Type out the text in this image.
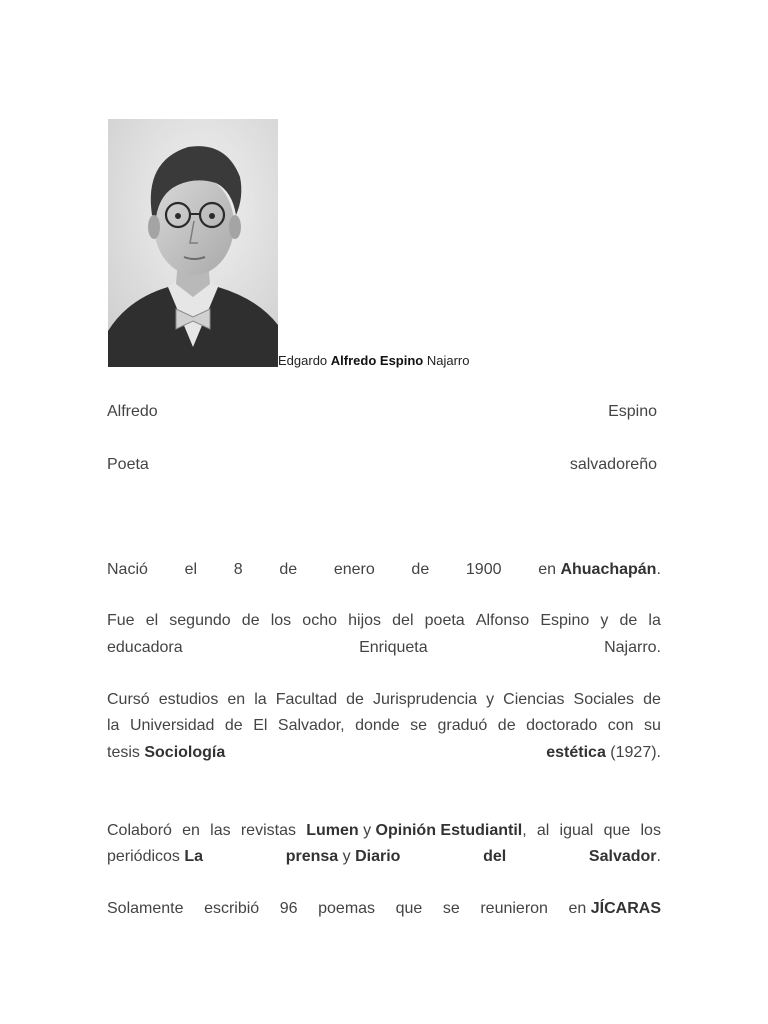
Edgardo Alfredo Espino Najarro
Alfredo	Espino
Poeta	salvadoreño
Nació el 8 de enero de 1900 en Ahuachapán.
Fue el segundo de los ocho hijos del poeta Alfonso Espino y de la
educadora	Enriqueta	Najarro.
Cursó estudios en la Facultad de Jurisprudencia y Ciencias Sociales de
la Universidad de El Salvador, donde se graduó de doctorado con su
tesis Sociología	estética (1927).
Colaboró en las revistas Lumen y Opinión Estudiantil, al igual que los
periódicos La	prensa y Diario	del	Salvador.
Solamente escribió 96 poemas que se reunieron en JÍCARAS
